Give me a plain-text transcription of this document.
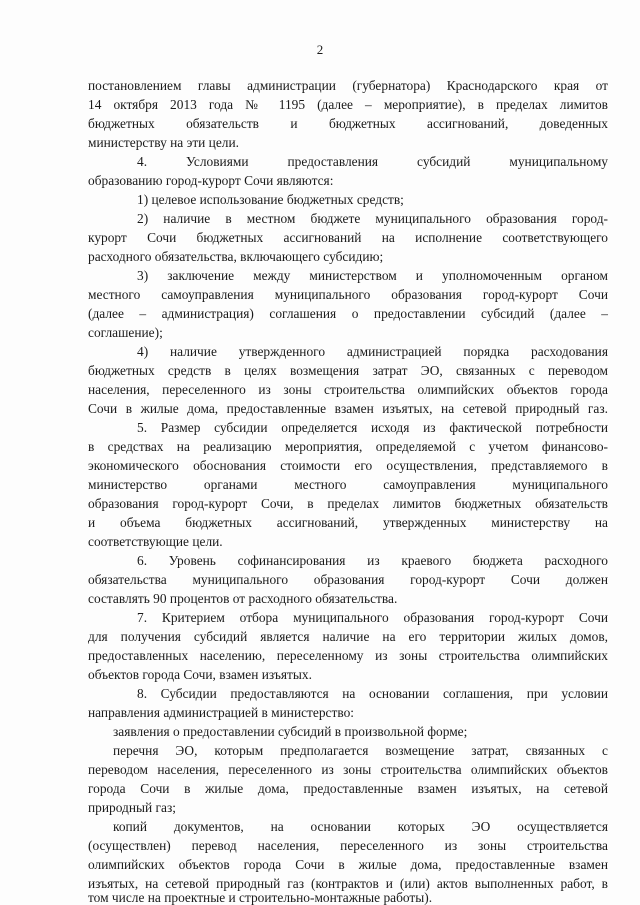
2
постановлением главы администрации (губернатора) Краснодарского края от
14 октября 2013 года № 1195 (далее – мероприятие), в пределах лимитов
бюджетных обязательств и бюджетных ассигнований, доведенных
министерству на эти цели.
4. Условиями предоставления субсидий муниципальному
образованию город-курорт Сочи являются:
1) целевое использование бюджетных средств;
2) наличие в местном бюджете муниципального образования город-
курорт Сочи бюджетных ассигнований на исполнение соответствующего
расходного обязательства, включающего субсидию;
3) заключение между министерством и уполномоченным органом
местного самоуправления муниципального образования город-курорт Сочи
(далее – администрация) соглашения о предоставлении субсидий (далее –
соглашение);
4) наличие утвержденного администрацией порядка расходования
бюджетных средств в целях возмещения затрат ЭО, связанных с переводом
населения, переселенного из зоны строительства олимпийских объектов города
Сочи в жилые дома, предоставленные взамен изъятых, на сетевой природный газ.
5. Размер субсидии определяется исходя из фактической потребности
в средствах на реализацию мероприятия, определяемой с учетом финансово-
экономического обоснования стоимости его осуществления, представляемого в
министерство органами местного самоуправления муниципального
образования город-курорт Сочи, в пределах лимитов бюджетных обязательств
и объема бюджетных ассигнований, утвержденных министерству на
соответствующие цели.
6. Уровень софинансирования из краевого бюджета расходного
обязательства муниципального образования город-курорт Сочи должен
составлять 90 процентов от расходного обязательства.
7. Критерием отбора муниципального образования город-курорт Сочи
для получения субсидий является наличие на его территории жилых домов,
предоставленных населению, переселенному из зоны строительства олимпийских
объектов города Сочи, взамен изъятых.
8. Субсидии предоставляются на основании соглашения, при условии
направления администрацией в министерство:
заявления о предоставлении субсидий в произвольной форме;
перечня ЭО, которым предполагается возмещение затрат, связанных с
переводом населения, переселенного из зоны строительства олимпийских объектов
города Сочи в жилые дома, предоставленные взамен изъятых, на сетевой
природный газ;
копий документов, на основании которых ЭО осуществляется
(осуществлен) перевод населения, переселенного из зоны строительства
олимпийских объектов города Сочи в жилые дома, предоставленные взамен
изъятых, на сетевой природный газ (контрактов и (или) актов выполненных работ, в
том числе на проектные и строительно-монтажные работы).
